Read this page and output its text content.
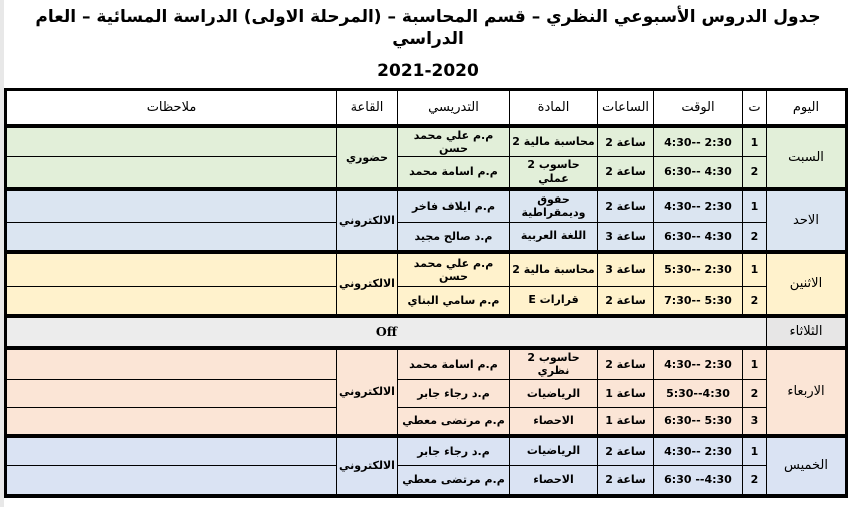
جدول الدروس الأسبوعي النظري – قسم المحاسبة – (المرحلة الاولى) الدراسة المسائية – العام الدراسي
2021-2020
اليوم	ت	الوقت	الساعات	المادة	التدريسي	القاعة	ملاحظات
السبت	1	4:30-- 2:30	2 ساعة	محاسبة مالية 2	م.م علي محمد حسن	حضوري	
	2	6:30-- 4:30	2 ساعة	حاسوب 2 عملي	م.م اسامة محمد		
الاحد	1	4:30-- 2:30	2 ساعة	حقوق وديمقراطية	م.م ايلاف فاخر	الالكتروني	
	2	6:30-- 4:30	3 ساعة	اللغة العربية	م.د صالح مجيد		
الاثنين	1	5:30-- 2:30	3 ساعة	محاسبة مالية 2	م.م علي محمد حسن	الالكتروني	
	2	7:30-- 5:30	2 ساعة	قرارات E	م.م سامي البناي		
الثلاثاء	Off						
الاربعاء	1	4:30-- 2:30	2 ساعة	حاسوب 2 نظري	م.م اسامة محمد	الالكتروني	
	2	5:30--4:30	1 ساعة	الرياضيات	م.د رجاء جابر		
	3	6:30-- 5:30	1 ساعة	الاحصاء	م.م مرتضى معطي		
الخميس	1	4:30-- 2:30	2 ساعة	الرياضيات	م.د رجاء جابر	الالكتروني	
	2	6:30 --4:30	2 ساعة	الاحصاء	م.م مرتضى معطي		
